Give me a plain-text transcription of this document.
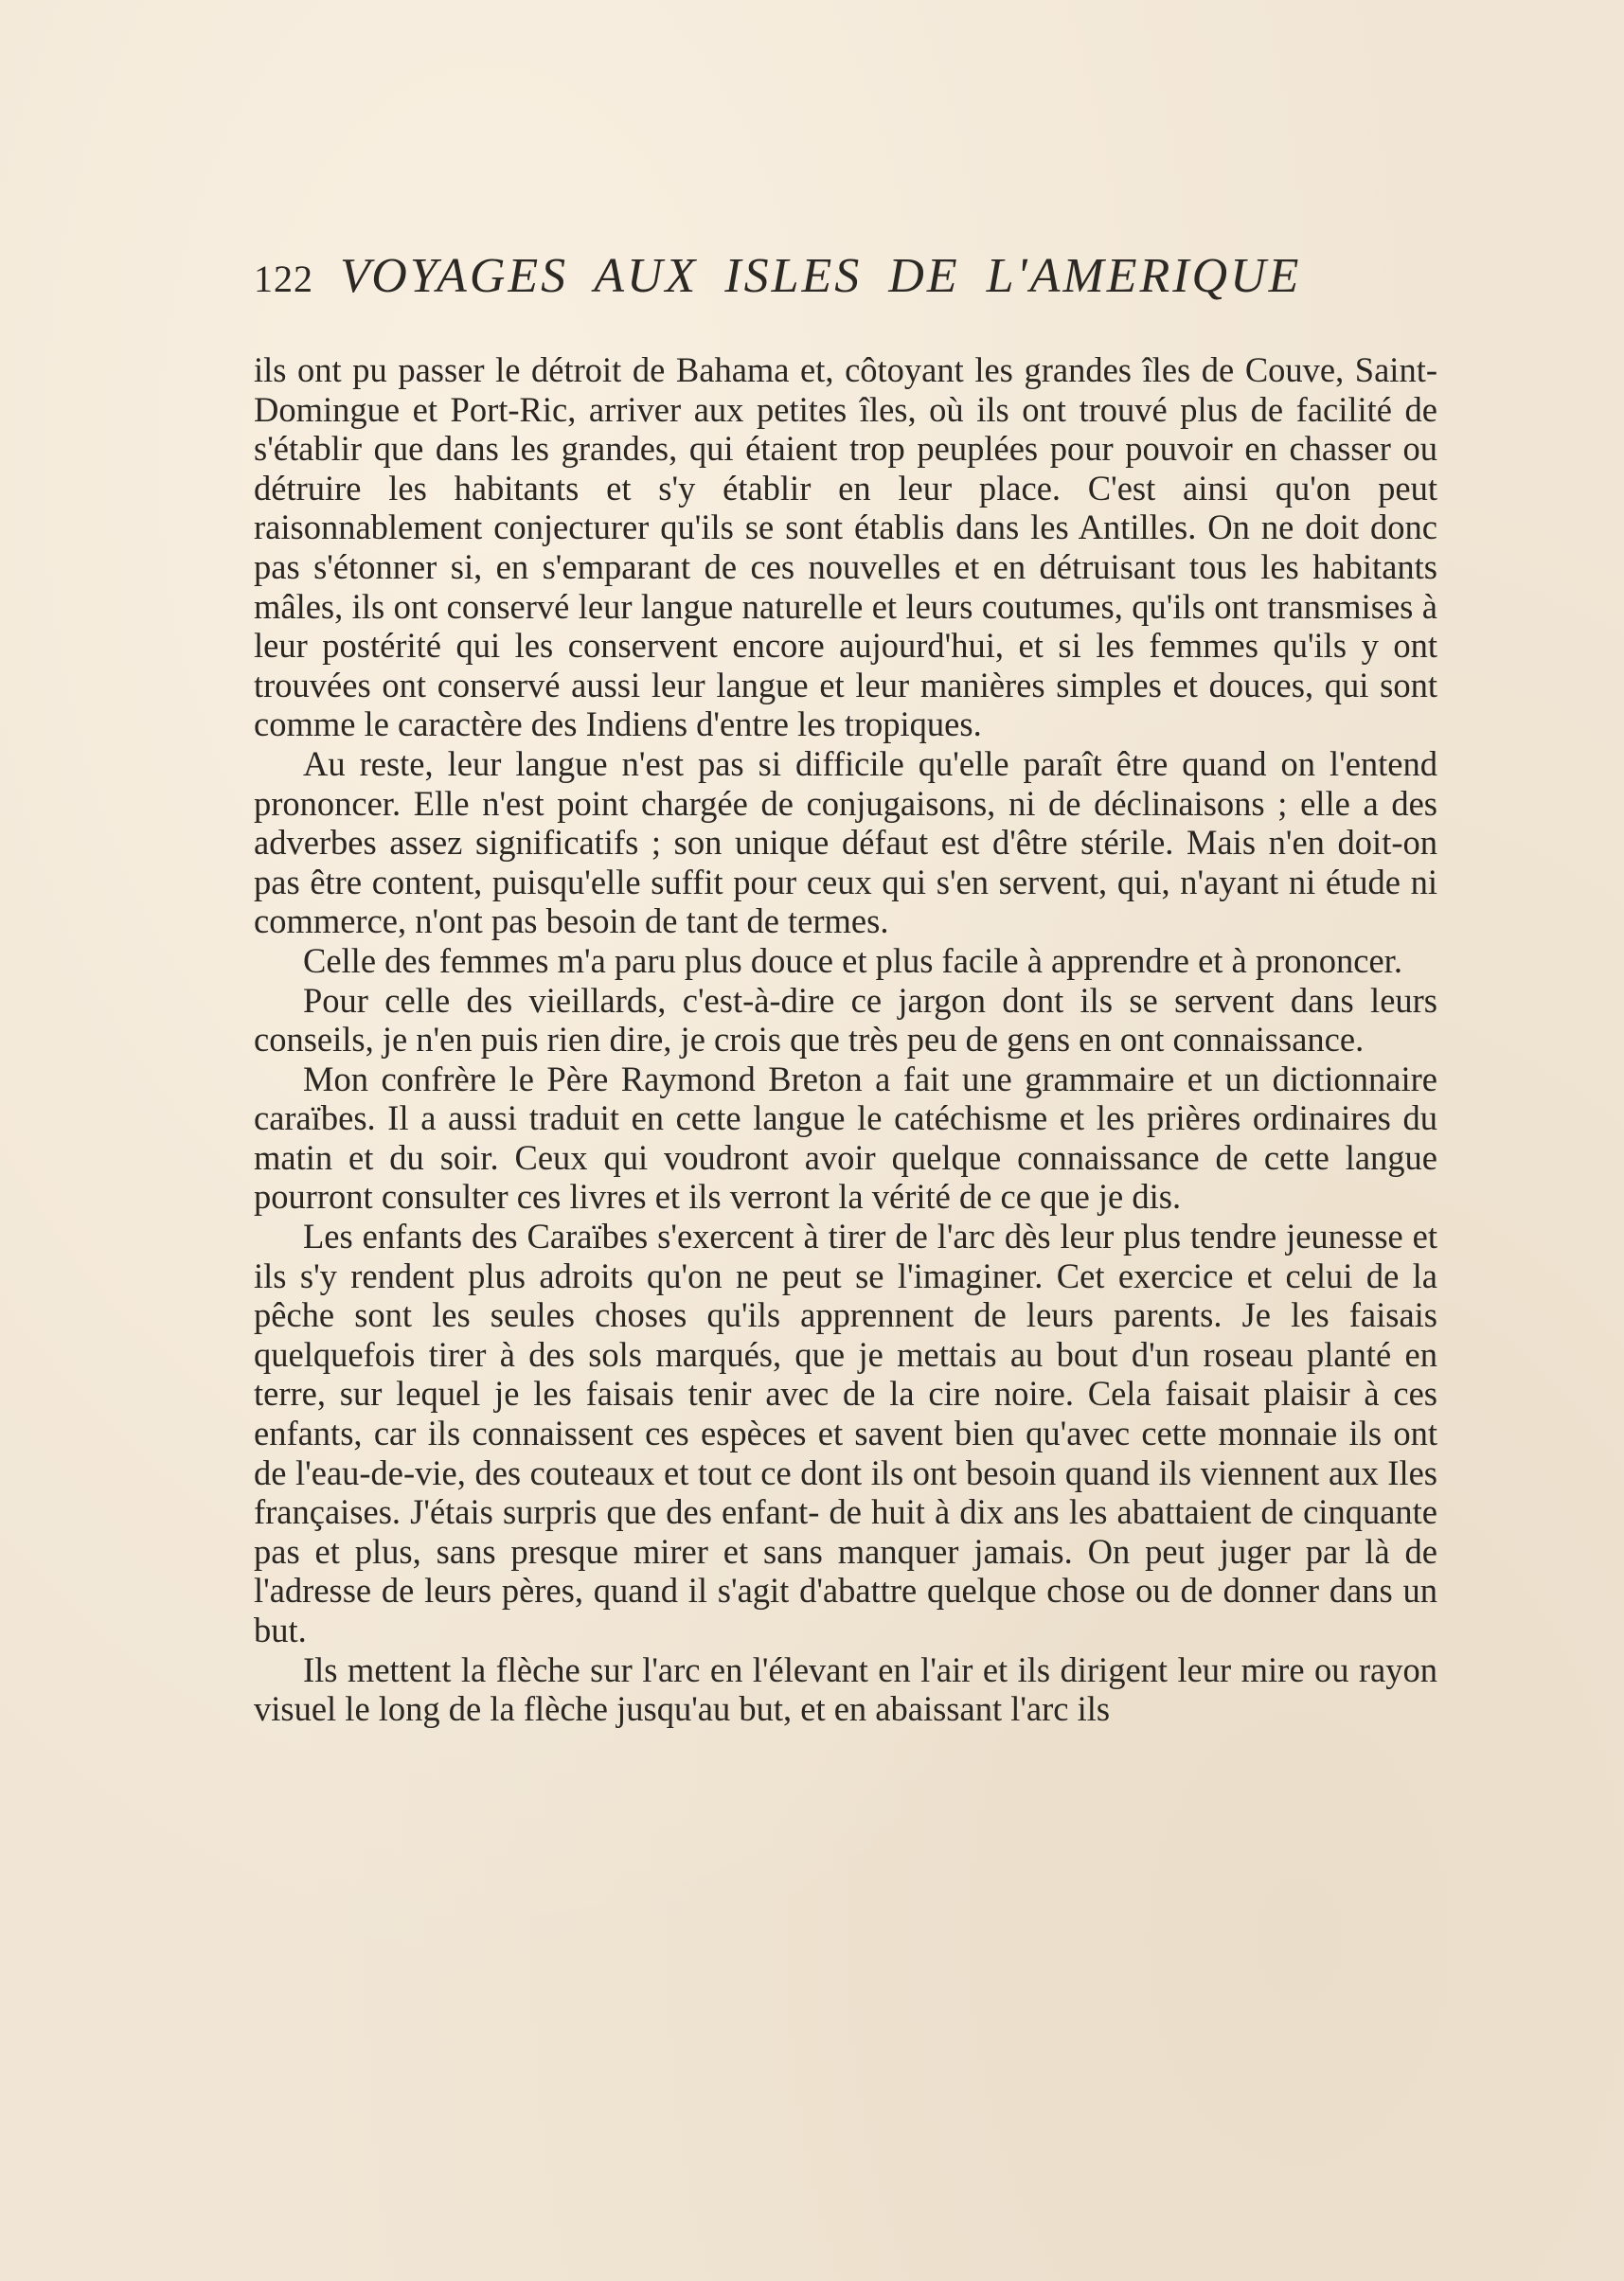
122 VOYAGES AUX ISLES DE L'AMERIQUE

ils ont pu passer le détroit de Bahama et, côtoyant les grandes îles de Couve, Saint-Domingue et Port-Ric, arriver aux petites îles, où ils ont trouvé plus de facilité de s'établir que dans les grandes, qui étaient trop peuplées pour pouvoir en chasser ou détruire les habitants et s'y établir en leur place. C'est ainsi qu'on peut raisonnablement conjecturer qu'ils se sont établis dans les Antilles. On ne doit donc pas s'étonner si, en s'emparant de ces nouvelles et en détruisant tous les habitants mâles, ils ont conservé leur langue naturelle et leurs coutumes, qu'ils ont transmises à leur postérité qui les conservent encore aujourd'hui, et si les femmes qu'ils y ont trouvées ont conservé aussi leur langue et leur manières simples et douces, qui sont comme le caractère des Indiens d'entre les tropiques.

Au reste, leur langue n'est pas si difficile qu'elle paraît être quand on l'entend prononcer. Elle n'est point chargée de conjugaisons, ni de déclinaisons ; elle a des adverbes assez significatifs ; son unique défaut est d'être stérile. Mais n'en doit-on pas être content, puisqu'elle suffit pour ceux qui s'en servent, qui, n'ayant ni étude ni commerce, n'ont pas besoin de tant de termes.

Celle des femmes m'a paru plus douce et plus facile à apprendre et à prononcer.

Pour celle des vieillards, c'est-à-dire ce jargon dont ils se servent dans leurs conseils, je n'en puis rien dire, je crois que très peu de gens en ont connaissance.

Mon confrère le Père Raymond Breton a fait une grammaire et un dictionnaire caraïbes. Il a aussi traduit en cette langue le catéchisme et les prières ordinaires du matin et du soir. Ceux qui voudront avoir quelque connaissance de cette langue pourront consulter ces livres et ils verront la vérité de ce que je dis.

Les enfants des Caraïbes s'exercent à tirer de l'arc dès leur plus tendre jeunesse et ils s'y rendent plus adroits qu'on ne peut se l'imaginer. Cet exercice et celui de la pêche sont les seules choses qu'ils apprennent de leurs parents. Je les faisais quelquefois tirer à des sols marqués, que je mettais au bout d'un roseau planté en terre, sur lequel je les faisais tenir avec de la cire noire. Cela faisait plaisir à ces enfants, car ils connaissent ces espèces et savent bien qu'avec cette monnaie ils ont de l'eau-de-vie, des couteaux et tout ce dont ils ont besoin quand ils viennent aux Iles françaises. J'étais surpris que des enfant- de huit à dix ans les abattaient de cinquante pas et plus, sans presque mirer et sans manquer jamais. On peut juger par là de l'adresse de leurs pères, quand il s'agit d'abattre quelque chose ou de donner dans un but.

Ils mettent la flèche sur l'arc en l'élevant en l'air et ils dirigent leur mire ou rayon visuel le long de la flèche jusqu'au but, et en abaissant l'arc ils
